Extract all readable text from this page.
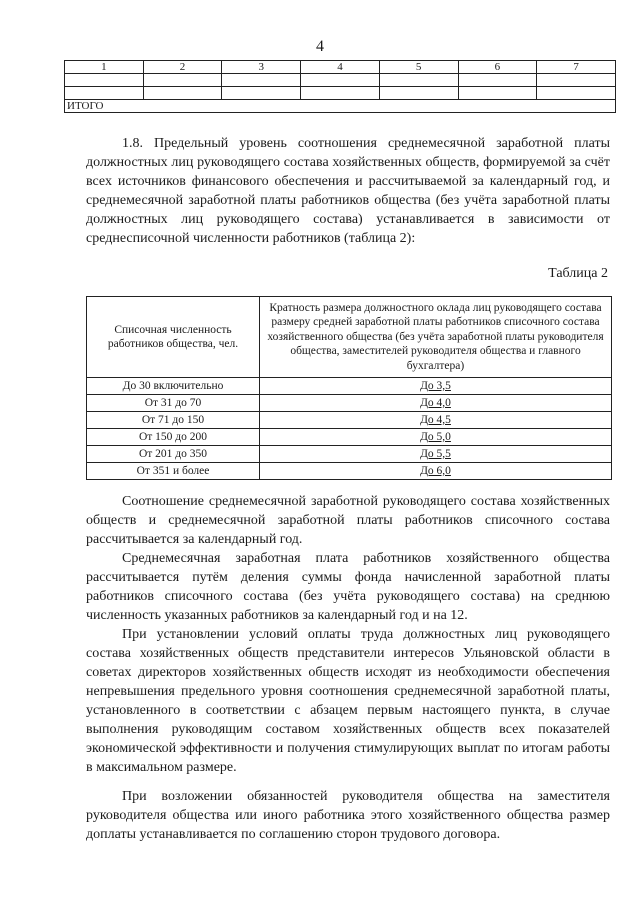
4
1	2	3	4	5	6	7

ИТОГО						

1.8. Предельный уровень соотношения среднемесячной заработной платы должностных лиц руководящего состава хозяйственных обществ, формируемой за счёт всех источников финансового обеспечения и рассчитываемой за календарный год, и среднемесячной заработной платы работников общества (без учёта заработной платы должностных лиц руководящего состава) устанавливается в зависимости от среднесписочной численности работников (таблица 2):

Таблица 2
Списочная численность работников общества, чел.	Кратность размера должностного оклада лиц руководящего состава размеру средней заработной платы работников списочного состава хозяйственного общества (без учёта заработной платы руководителя общества, заместителей руководителя общества и главного бухгалтера)
До 30 включительно	До 3,5
От 31 до 70	До 4,0
От 71 до 150	До 4,5
От 150 до 200	До 5,0
От 201 до 350	До 5,5
От 351 и более	До 6,0

Соотношение среднемесячной заработной руководящего состава хозяйственных обществ и среднемесячной заработной платы работников списочного состава рассчитывается за календарный год.

Среднемесячная заработная плата работников хозяйственного общества рассчитывается путём деления суммы фонда начисленной заработной платы работников списочного состава (без учёта руководящего состава) на среднюю численность указанных работников за календарный год и на 12.

При установлении условий оплаты труда должностных лиц руководящего состава хозяйственных обществ представители интересов Ульяновской области в советах директоров хозяйственных обществ исходят из необходимости обеспечения непревышения предельного уровня соотношения среднемесячной заработной платы, установленного в соответствии с абзацем первым настоящего пункта, в случае выполнения руководящим составом хозяйственных обществ всех показателей экономической эффективности и получения стимулирующих выплат по итогам работы в максимальном размере.

При возложении обязанностей руководителя общества на заместителя руководителя общества или иного работника этого хозяйственного общества размер доплаты устанавливается по соглашению сторон трудового договора.
